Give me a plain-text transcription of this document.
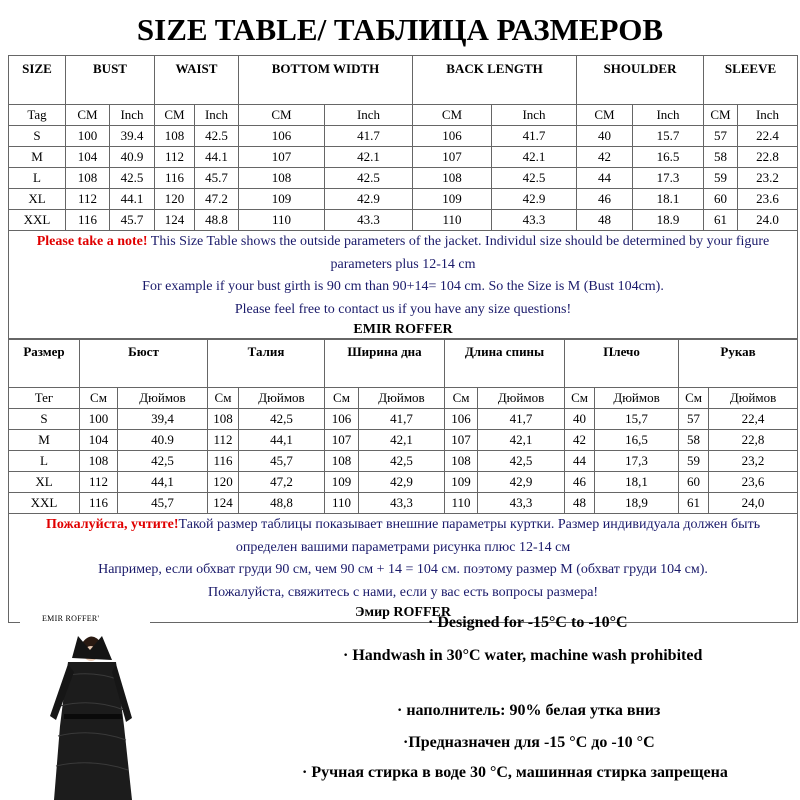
SIZE TABLE/ ТАБЛИЦА РАЗМЕРОВ
SIZE	BUST		WAIST		BOTTOM WIDTH		BACK LENGTH		SHOULDER		SLEEVE	
Tag	CM	Inch	CM	Inch	CM	Inch	CM	Inch	CM	Inch	CM	Inch
S	100	39.4	108	42.5	106	41.7	106	41.7	40	15.7	57	22.4
M	104	40.9	112	44.1	107	42.1	107	42.1	42	16.5	58	22.8
L	108	42.5	116	45.7	108	42.5	108	42.5	44	17.3	59	23.2
XL	112	44.1	120	47.2	109	42.9	109	42.9	46	18.1	60	23.6
XXL	116	45.7	124	48.8	110	43.3	110	43.3	48	18.9	61	24.0

Please take a note! This Size Table shows the outside parameters of the jacket. Individul size should be determined by your figure parameters plus 12-14 cm
For example if your bust girth is 90 cm than 90+14= 104 cm. So the Size is M (Bust 104cm).
Please feel free to contact us if you have any size questions!
EMIR ROFFER												
Размер	Бюст		Талия		Ширина дна		Длина спины		Плечо		Рукав	
Тег	См	Дюймов	См	Дюймов	См	Дюймов	См	Дюймов	См	Дюймов	См	Дюймов
S	100	39,4	108	42,5	106	41,7	106	41,7	40	15,7	57	22,4
M	104	40.9	112	44,1	107	42,1	107	42,1	42	16,5	58	22,8
L	108	42,5	116	45,7	108	42,5	108	42,5	44	17,3	59	23,2
XL	112	44,1	120	47,2	109	42,9	109	42,9	46	18,1	60	23,6
XXL	116	45,7	124	48,8	110	43,3	110	43,3	48	18,9	61	24,0

Пожалуйста, учтите!Такой размер таблицы показывает внешние параметры куртки. Размер индивидуала должен быть определен вашими параметрами рисунка плюс 12-14 см
Например, если обхват груди 90 см, чем 90 см + 14 = 104 см. поэтому размер М (обхват груди 104 см).
Пожалуйста, свяжитесь с нами, если у вас есть вопросы размера!
Эмир ROFFER												
EMIR ROFFER'	· Designed for -15°C to -10°C
· Handwash in 30°C water, machine wash prohibited
· наполнитель: 90% белая утка вниз
·Предназначен для -15 °C до -10 °C
· Ручная стирка в воде 30 °C, машинная стирка запрещена
